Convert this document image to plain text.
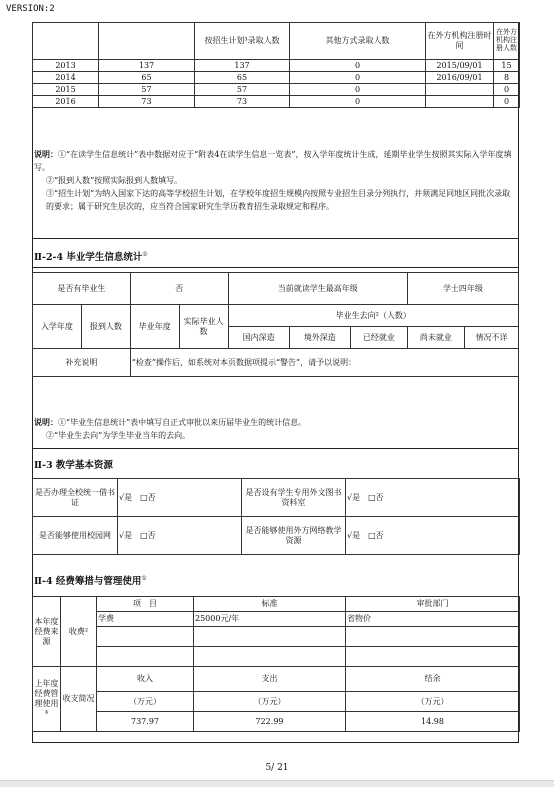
VERSION:2
		按招生计划³录取人数	其他方式录取人数	在外方机构注册时间	在外方机构注册人数
2013	137	137	0	2015/09/01	15
2014	65	65	0	2016/09/01	8
2015	57	57	0		0
2016	73	73	0		0
说明：①“在读学生信息统计”表中数据对应于“附表4在读学生信息一览表”，按入学年度统计生成，延期毕业学生按照其实际入学年度填写。
②“报到人数”按照实际报到人数填写。
③“招生计划”为纳入国家下达的高等学校招生计划，在学校年度招生规模内按照专业招生目录分列执行，并须满足同地区同批次录取的要求；属于研究生层次的，应当符合国家研究生学历教育招生录取规定和程序。
Ⅱ-2-4 毕业学生信息统计①
是否有毕业生		否		当前就读学生最高年级			学士四年级	
入学年度	报到人数	毕业年度	实际毕业人数	毕业生去向²（人数）				
				国内深造	境外深造	已经就业	尚未就业	情况不详
补充说明		“检查”操作后，如系统对本页数据项提示“警告”，请予以说明：						
说明：①“毕业生信息统计”表中填写自正式审批以来历届毕业生的统计信息。
②“毕业生去向”为学生毕业当年的去向。
Ⅱ-3 教学基本资源
是否办理全校统一借书证	√是　□否	是否设有学生专用外文图书资料室	√是　□否
是否能够使用校园网	√是　□否	是否能够使用外方网络教学资源	√是　□否
Ⅱ-4 经费筹措与管理使用①
本年度经费来源	收费²	项　目	标准	审批部门
		学费	25000元/年	省物价

上年度经费管理使用⁴	收支简况	收入	支出	结余
		（万元）	（万元）	（万元）
		737.97	722.99	14.98
5/ 21
